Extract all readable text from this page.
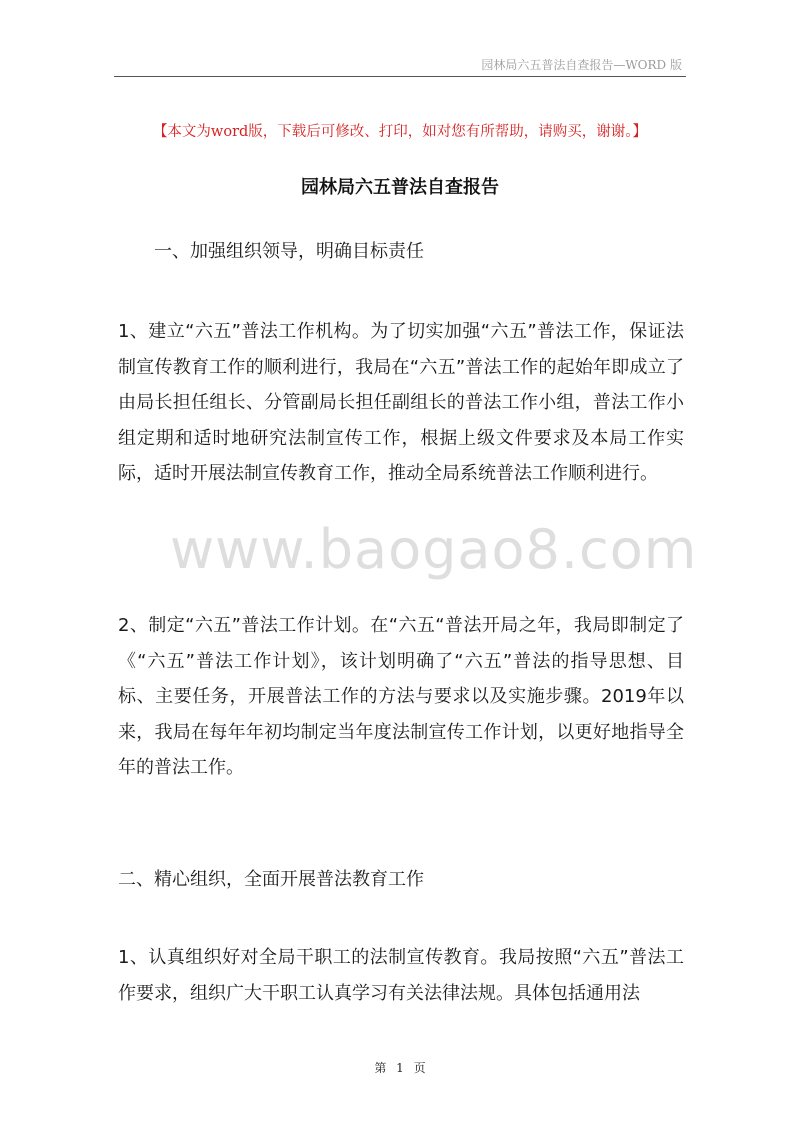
园林局六五普法自查报告—WORD 版
【本文为word版，下载后可修改、打印，如对您有所帮助，请购买，谢谢。】
园林局六五普法自查报告

一、加强组织领导，明确目标责任

1、建立“六五”普法工作机构。为了切实加强“六五”普法工作，保证法制宣传教育工作的顺利进行，我局在“六五”普法工作的起始年即成立了由局长担任组长、分管副局长担任副组长的普法工作小组，普法工作小组定期和适时地研究法制宣传工作，根据上级文件要求及本局工作实际，适时开展法制宣传教育工作，推动全局系统普法工作顺利进行。

2、制定“六五”普法工作计划。在“六五“普法开局之年，我局即制定了《“六五”普法工作计划》，该计划明确了“六五”普法的指导思想、目标、主要任务，开展普法工作的方法与要求以及实施步骤。2019年以来，我局在每年年初均制定当年度法制宣传工作计划，以更好地指导全年的普法工作。

二、精心组织，全面开展普法教育工作

1、认真组织好对全局干职工的法制宣传教育。我局按照“六五”普法工作要求，组织广大干职工认真学习有关法律法规。具体包括通用法

www.baogao8.com
第 1 页
